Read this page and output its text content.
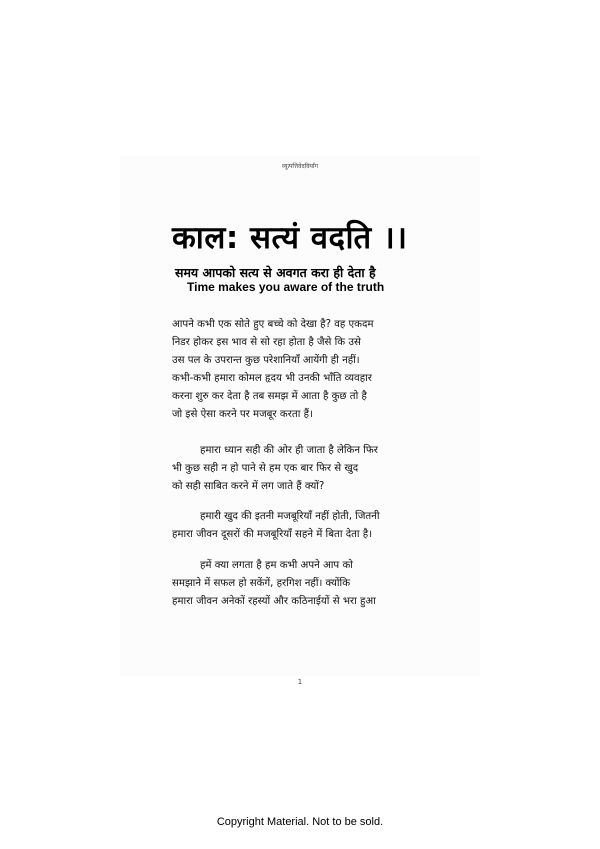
व्युत्पत्तिवेदविर्यांग
काल: सत्यं वदति ।।
समय आपको सत्य से अवगत करा ही देता है
Time makes you aware of the truth
आपने कभी एक सोते हुए बच्चे को देखा है? वह एकदम
निडर होकर इस भाव से सो रहा होता है जैसे कि उसे
उस पल के उपरान्त कुछ परेशानियाँ आयेंगी ही नहीं।
कभी-कभी हमारा कोमल हृदय भी उनकी भाँति व्यवहार
करना शुरु कर देता है तब समझ में आता है कुछ तो है
जो इसे ऐसा करने पर मजबूर करता हैं।
हमारा ध्यान सही की ओर ही जाता है लेकिन फिर
भी कुछ सही न हो पाने से हम एक बार फिर से खुद
को सही साबित करने में लग जाते हैं क्यों?
हमारी खुद की इतनी मजबूरियाँ नहीं होती, जितनी
हमारा जीवन दूसरों की मजबूरियाँ सहने में बिता देता है।
हमें क्या लगता है हम कभी अपने आप को
समझाने में सफल हो सकेंगें, हरगिश नहीं। क्योंकि
हमारा जीवन अनेकों रहस्यों और कठिनाईयों से भरा हुआ
1
Copyright Material. Not to be sold.
